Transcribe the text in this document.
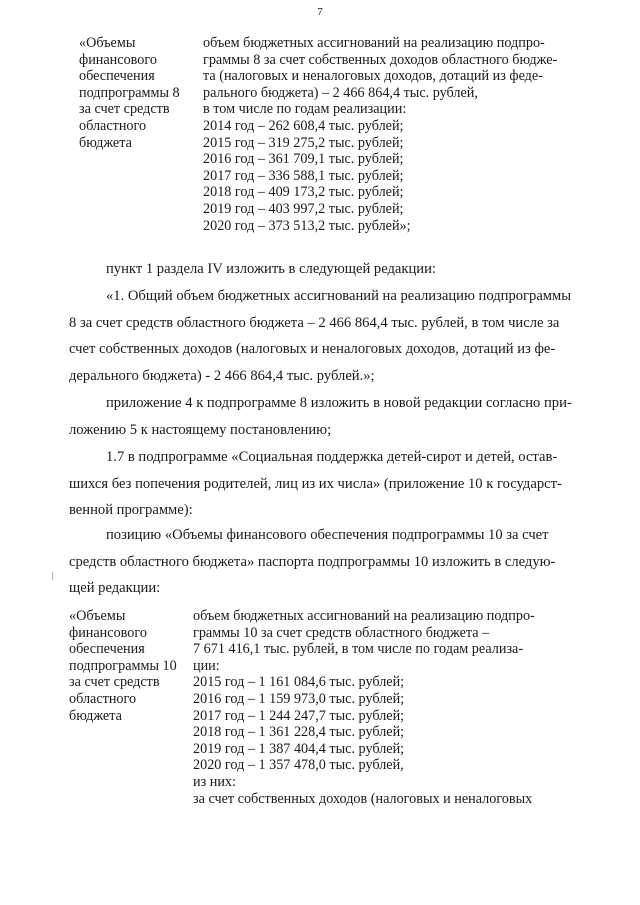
7
«Объемы
финансового
обеспечения
подпрограммы 8
за счет средств
областного
бюджета
объем бюджетных ассигнований на реализацию подпро-
граммы 8 за счет собственных доходов областного бюдже-
та (налоговых и неналоговых доходов, дотаций из феде-
рального бюджета) – 2 466 864,4 тыс. рублей,
в том числе по годам реализации:
2014 год – 262 608,4 тыс. рублей;
2015 год – 319 275,2 тыс. рублей;
2016 год – 361 709,1 тыс. рублей;
2017 год – 336 588,1 тыс. рублей;
2018 год – 409 173,2 тыс. рублей;
2019 год – 403 997,2 тыс. рублей;
2020 год – 373 513,2 тыс. рублей»;
пункт 1 раздела IV изложить в следующей редакции:
«1. Общий объем бюджетных ассигнований на реализацию подпрограммы
8 за счет средств областного бюджета – 2 466 864,4 тыс. рублей, в том числе за
счет собственных доходов (налоговых и неналоговых доходов, дотаций из фе-
дерального бюджета) - 2 466 864,4 тыс. рублей.»;
приложение 4 к подпрограмме 8 изложить в новой редакции согласно при-
ложению 5 к настоящему постановлению;
1.7 в подпрограмме «Социальная поддержка детей-сирот и детей, остав-
шихся без попечения родителей, лиц из их числа» (приложение 10 к государст-
венной программе):
позицию «Объемы финансового обеспечения подпрограммы 10 за счет
средств областного бюджета» паспорта подпрограммы 10 изложить в следую-
щей редакции:
«Объемы
финансового
обеспечения
подпрограммы 10
за счет средств
областного
бюджета
объем бюджетных ассигнований на реализацию подпро-
граммы 10 за счет средств областного бюджета –
7 671 416,1 тыс. рублей, в том числе по годам реализа-
ции:
2015 год – 1 161 084,6 тыс. рублей;
2016 год – 1 159 973,0 тыс. рублей;
2017 год – 1 244 247,7 тыс. рублей;
2018 год – 1 361 228,4 тыс. рублей;
2019 год – 1 387 404,4 тыс. рублей;
2020 год – 1 357 478,0 тыс. рублей,
из них:
за счет собственных доходов (налоговых и неналоговых
